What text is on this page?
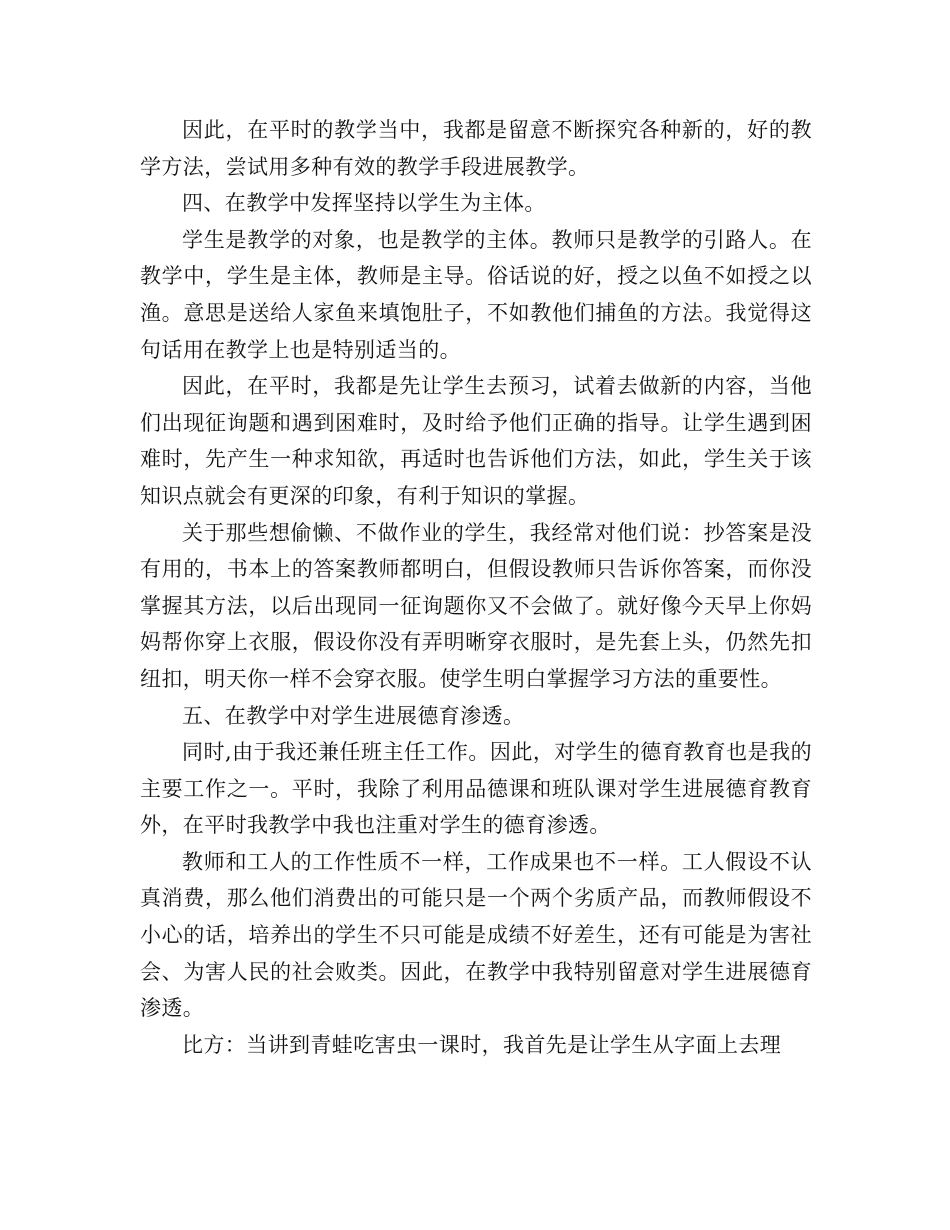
因此，在平时的教学当中，我都是留意不断探究各种新的，好的教学方法，尝试用多种有效的教学手段进展教学。

四、在教学中发挥坚持以学生为主体。

学生是教学的对象，也是教学的主体。教师只是教学的引路人。在教学中，学生是主体，教师是主导。俗话说的好，授之以鱼不如授之以渔。意思是送给人家鱼来填饱肚子，不如教他们捕鱼的方法。我觉得这句话用在教学上也是特别适当的。

因此，在平时，我都是先让学生去预习，试着去做新的内容，当他们出现征询题和遇到困难时，及时给予他们正确的指导。让学生遇到困难时，先产生一种求知欲，再适时也告诉他们方法，如此，学生关于该知识点就会有更深的印象，有利于知识的掌握。

关于那些想偷懒、不做作业的学生，我经常对他们说：抄答案是没有用的，书本上的答案教师都明白，但假设教师只告诉你答案，而你没掌握其方法，以后出现同一征询题你又不会做了。就好像今天早上你妈妈帮你穿上衣服，假设你没有弄明晰穿衣服时，是先套上头，仍然先扣纽扣，明天你一样不会穿衣服。使学生明白掌握学习方法的重要性。

五、在教学中对学生进展德育渗透。

同时,由于我还兼任班主任工作。因此，对学生的德育教育也是我的主要工作之一。平时，我除了利用品德课和班队课对学生进展德育教育外，在平时我教学中我也注重对学生的德育渗透。

教师和工人的工作性质不一样，工作成果也不一样。工人假设不认真消费，那么他们消费出的可能只是一个两个劣质产品，而教师假设不小心的话，培养出的学生不只可能是成绩不好差生，还有可能是为害社会、为害人民的社会败类。因此，在教学中我特别留意对学生进展德育渗透。

比方：当讲到青蛙吃害虫一课时，我首先是让学生从字面上去理
